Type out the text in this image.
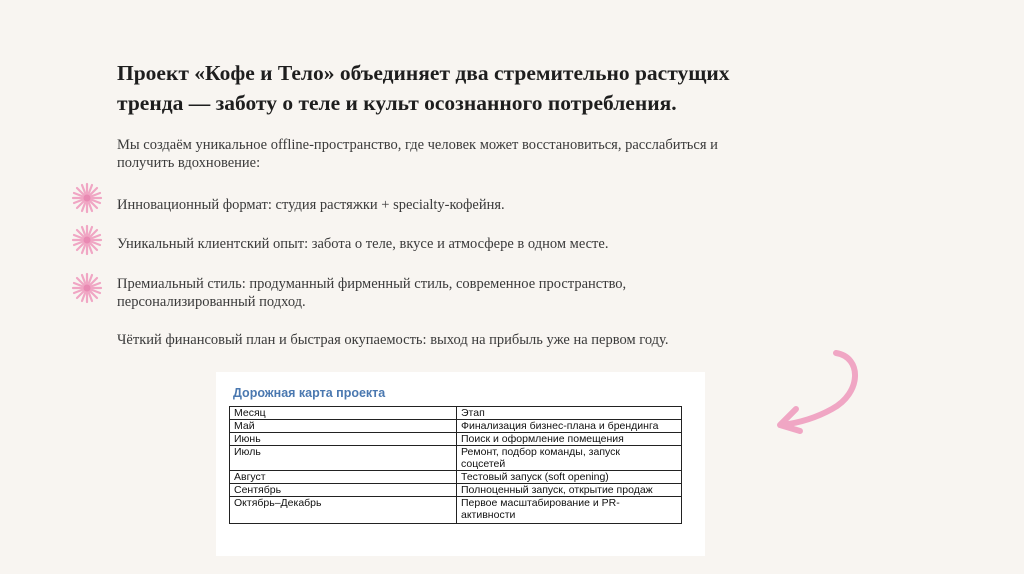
Проект «Кофе и Тело» объединяет два стремительно растущих
тренда — заботу о теле и культ осознанного потребления.

Мы создаём уникальное offline-пространство, где человек может восстановиться, расслабиться и
получить вдохновение:

Инновационный формат: студия растяжки + specialty-кофейня.

Уникальный клиентский опыт: забота о теле, вкусе и атмосфере в одном месте.

Премиальный стиль: продуманный фирменный стиль, современное пространство,
персонализированный подход.

Чёткий финансовый план и быстрая окупаемость: выход на прибыль уже на первом году.

Дорожная карта проекта

Месяц	Этап
Май	Финализация бизнес-плана и брендинга
Июнь	Поиск и оформление помещения
Июль	Ремонт, подбор команды, запуск
соцсетей
Август	Тестовый запуск (soft opening)
Сентябрь	Полноценный запуск, открытие продаж
Октябрь–Декабрь	Первое масштабирование и PR-
активности
